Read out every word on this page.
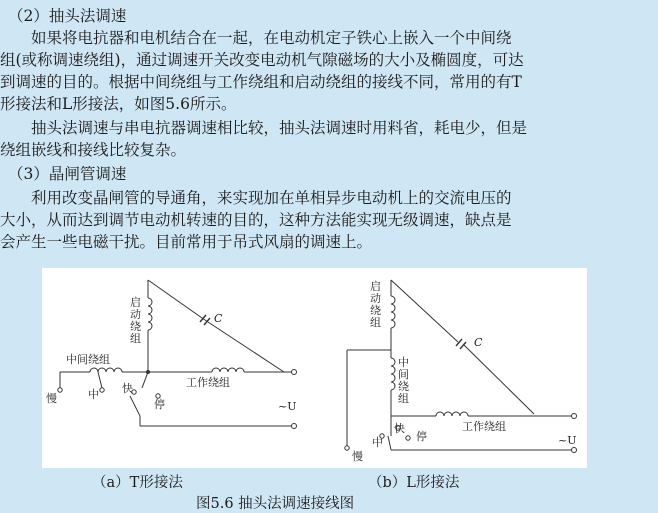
（2）抽头法调速
　　如果将电抗器和电机结合在一起，在电动机定子铁心上嵌入一个中间绕
组(或称调速绕组)，通过调速开关改变电动机气隙磁场的大小及椭圆度，可达
到调速的目的。根据中间绕组与工作绕组和启动绕组的接线不同，常用的有T
形接法和L形接法，如图5.6所示。
　　抽头法调速与串电抗器调速相比较，抽头法调速时用料省，耗电少，但是
绕组嵌线和接线比较复杂。
（3）晶闸管调速
　　利用改变晶闸管的导通角，来实现加在单相异步电动机上的交流电压的
大小，从而达到调节电动机转速的目的，这种方法能实现无级调速，缺点是
会产生一些电磁干扰。目前常用于吊式风扇的调速上。
启
动
绕
组
C
中间绕组
工作绕组
慢	中 快
停	~U
启
动
绕
组
C
中
间
绕
组
工作绕组
慢
中
快
停	~U
（a）T形接法	（b）L形接法
图5.6 抽头法调速接线图
